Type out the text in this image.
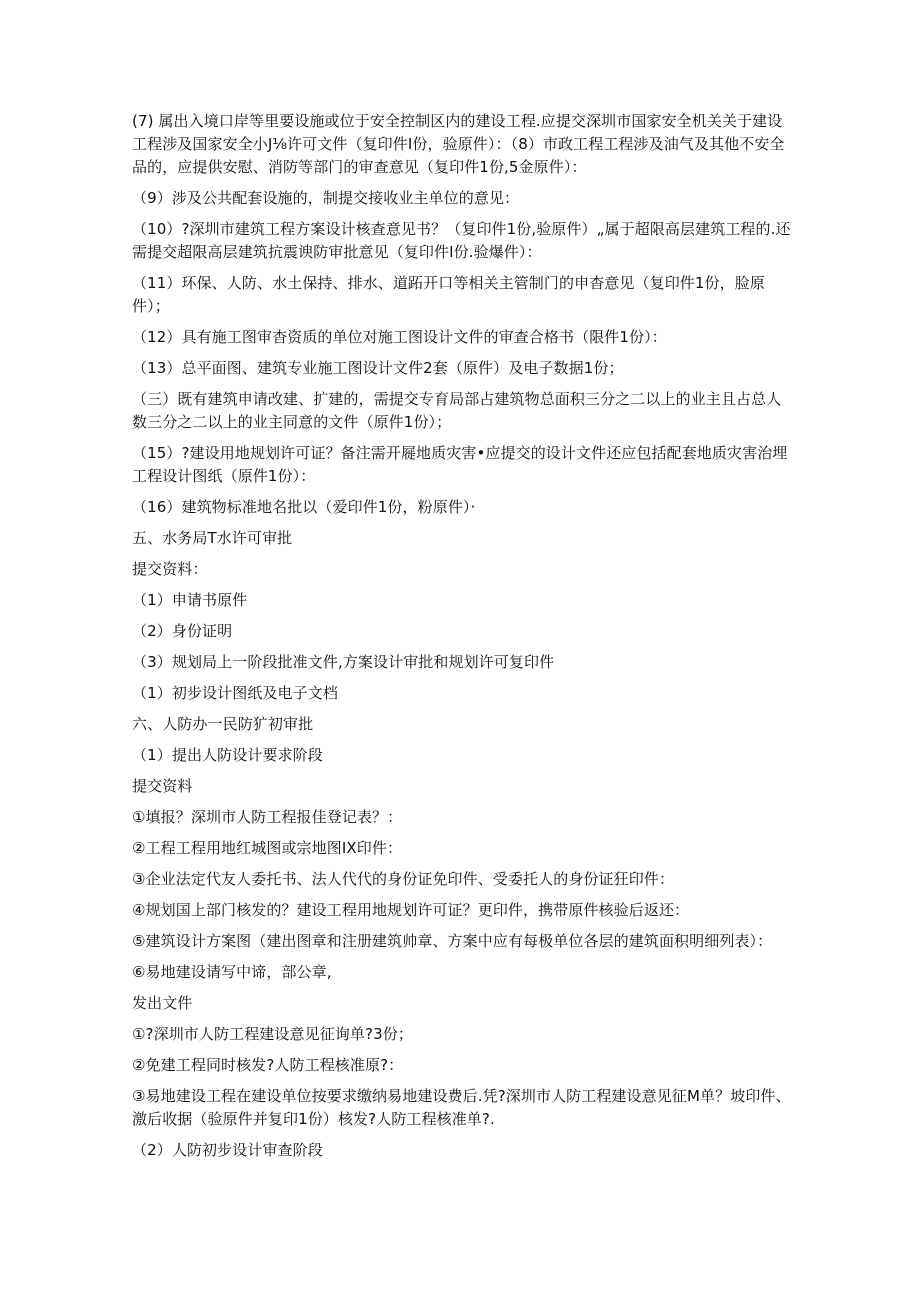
(7) 属出入境口岸等里要设施或位于安全控制区内的建设工程.应提交深圳市国家安全机关关于建设工程涉及国家安全小J⅛许可文件（复印件Ⅰ份，验原件）：（8）市政工程工程涉及油气及其他不安全品的，应提供安慰、消防等部门的审查意见（复印件1份,5金原件）：

（9）涉及公共配套设施的，制提交接收业主单位的意见：

（10）?深圳市建筑工程方案设计核查意见书？（复印件1份,验原件）„属于超限高层建筑工程的.还需提交超限高层建筑抗震谀防审批意见（复印件Ⅰ份.验爆件）：

（11）环保、人防、水土保持、排水、道跖开口等相关主管制门的申杳意见（复印件1份，脸原件）；

（12）具有施工图审杳资质的单位对施工图设计文件的审查合格书（限件1份）：

（13）总平面图、建筑专业施工图设计文件2套（原件）及电子数据1份；

（三）既有建筑申请改建、扩建的，需提交专育局部占建筑物总面积三分之二以上的业主且占总人数三分之二以上的业主同意的文件（原件1份）；

（15）?建设用地规划许可证？备注需开屣地质灾害•应提交的设计文件还应包括配套地质灾害治埋工程设计图纸（原件1份）：

（16）建筑物标准地名批以（爱印件1份，粉原件）·

五、水务局T水许可审批

提交资料：

（1）申请书原件

（2）身份证明

（3）规划局上一阶段批准文件,方案设计审批和规划许可复印件

（1）初步设计图纸及电子文档

六、人防办一民防犷初审批

（1）提出人防设计要求阶段

提交资料

①填报？深圳市人防工程报佳登记表？：

②工程工程用地红城图或宗地图IX印件：

③企业法定代友人委托书、法人代代的身份证免印件、受委托人的身份证狂印件：

④规划国上部门核发的？建设工程用地规划许可证？更印件，携带原件核验后返还：

⑤建筑设计方案图（建出图章和注册建筑帅章、方案中应有每极单位各层的建筑面积明细列表）：

⑥易地建设请写中谛，部公章,

发出文件

①?深圳市人防工程建设意见征询单?3份；

②免建工程同时核发?人防工程核准原?：

③易地建设工程在建设单位按要求缴纳易地建设费后.凭?深圳市人防工程建设意见征M单？坡印件、激后收据（验原件并复印1份）核发?人防工程核准单?.

（2）人防初步设计审查阶段
